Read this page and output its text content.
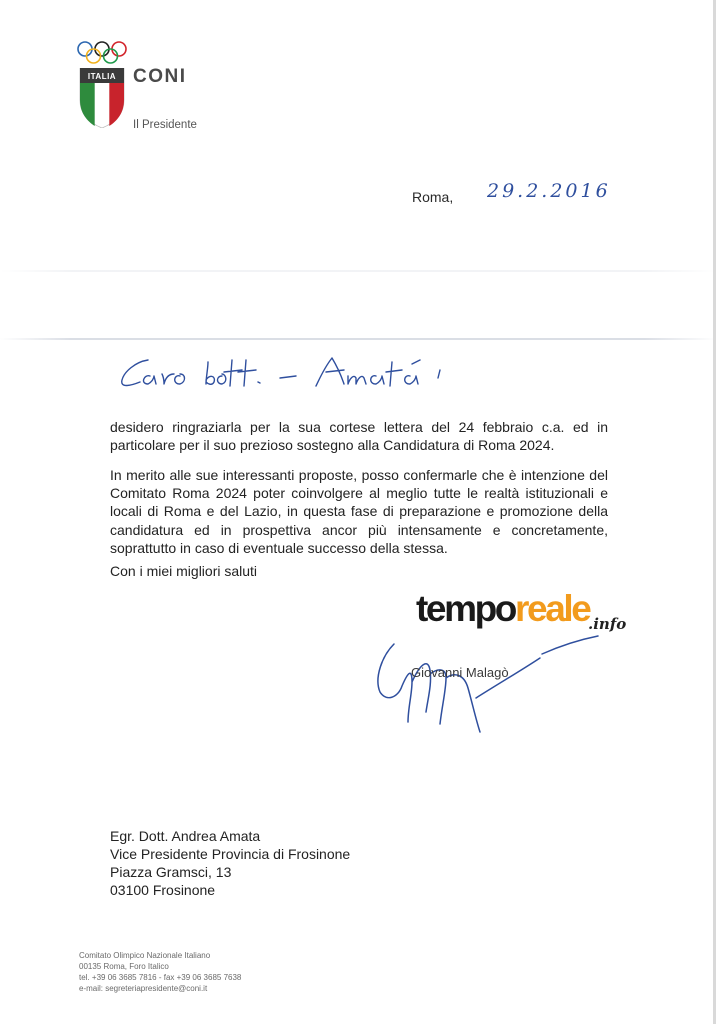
ITALIA CONI
Il Presidente
Roma, 29.2.2016

desidero ringraziarla per la sua cortese lettera del 24 febbraio c.a. ed in particolare per il suo prezioso sostegno alla Candidatura di Roma 2024.

In merito alle sue interessanti proposte, posso confermarle che è intenzione del Comitato Roma 2024 poter coinvolgere al meglio tutte le realtà istituzionali e locali di Roma e del Lazio, in questa fase di preparazione e promozione della candidatura ed in prospettiva ancor più intensamente e concretamente, soprattutto in caso di eventuale successo della stessa.

Con i miei migliori saluti

temporeale
.info
Giovanni Malagò
Egr. Dott. Andrea Amata
Vice Presidente Provincia di Frosinone
Piazza Gramsci, 13
03100 Frosinone
Comitato Olimpico Nazionale Italiano
00135 Roma, Foro Italico
tel. +39 06 3685 7816 - fax +39 06 3685 7638
e-mail: segreteriapresidente@coni.it
